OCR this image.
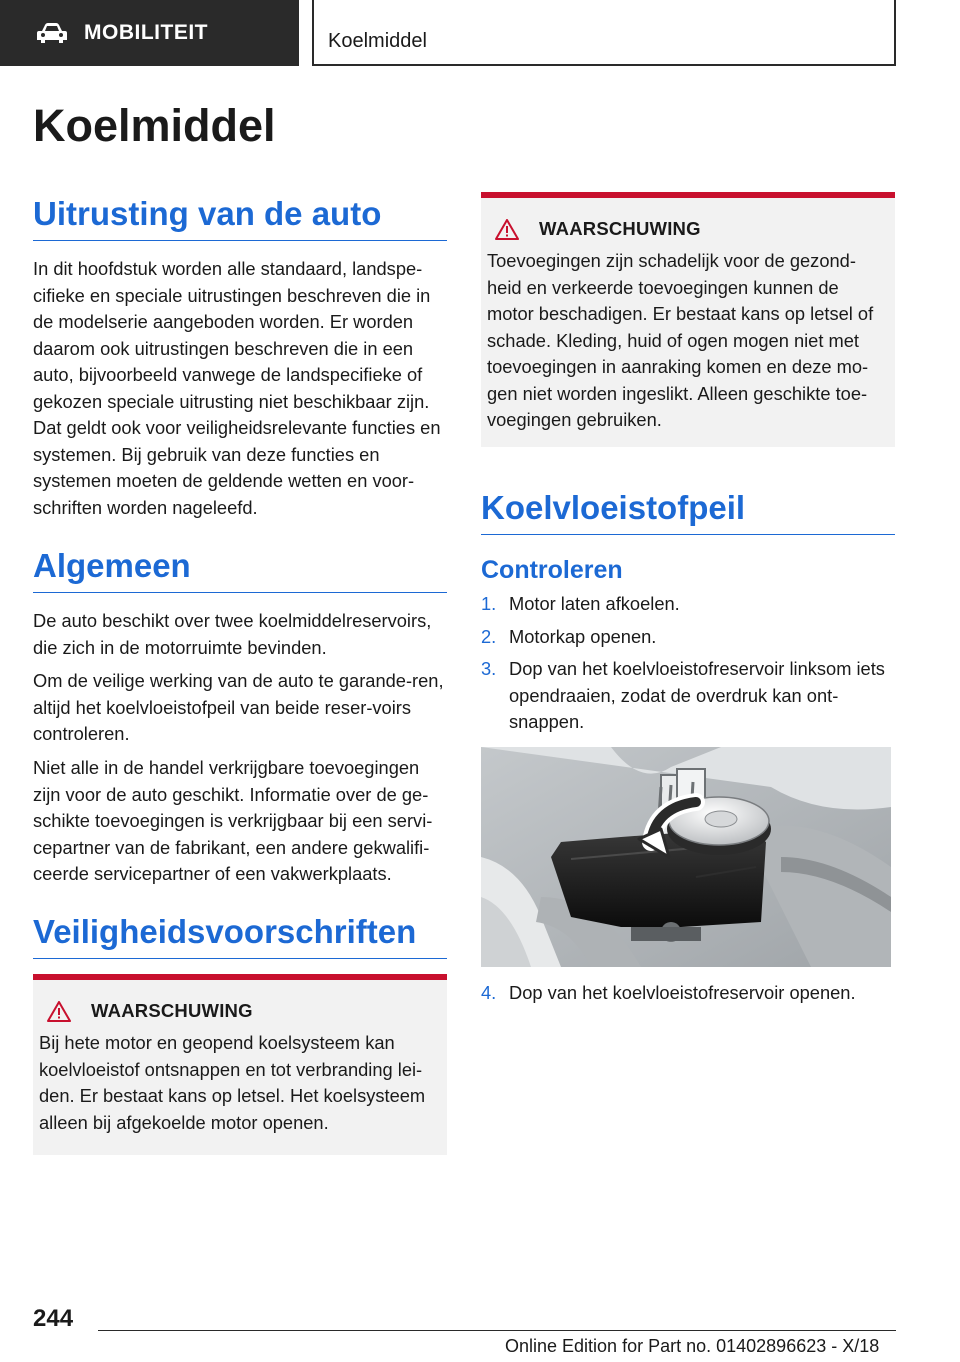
MOBILITEIT	Koelmiddel
Koelmiddel
Uitrusting van de auto

In dit hoofdstuk worden alle standaard, landspe-cifieke en speciale uitrustingen beschreven die in de modelserie aangeboden worden. Er worden daarom ook uitrustingen beschreven die in een auto, bijvoorbeeld vanwege de landspecifieke of gekozen speciale uitrusting niet beschikbaar zijn. Dat geldt ook voor veiligheidsrelevante functies en systemen. Bij gebruik van deze functies en systemen moeten de geldende wetten en voor-schriften worden nageleefd.

Algemeen

De auto beschikt over twee koelmiddelreservoirs, die zich in de motorruimte bevinden.

Om de veilige werking van de auto te garande-ren, altijd het koelvloeistofpeil van beide reser-voirs controleren.

Niet alle in de handel verkrijgbare toevoegingen zijn voor de auto geschikt. Informatie over de ge-schikte toevoegingen is verkrijgbaar bij een servi-cepartner van de fabrikant, een andere gekwalifi-ceerde servicepartner of een vakwerkplaats.

Veiligheidsvoorschriften
WAARSCHUWING
Bij hete motor en geopend koelsysteem kan koelvloeistof ontsnappen en tot verbranding lei-den. Er bestaat kans op letsel. Het koelsysteem alleen bij afgekoelde motor openen.
WAARSCHUWING
Toevoegingen zijn schadelijk voor de gezond-heid en verkeerde toevoegingen kunnen de motor beschadigen. Er bestaat kans op letsel of schade. Kleding, huid of ogen mogen niet met toevoegingen in aanraking komen en deze mo-gen niet worden ingeslikt. Alleen geschikte toe-voegingen gebruiken.
Koelvloeistofpeil
Controleren
1. Motor laten afkoelen.
2. Motorkap openen.
3. Dop van het koelvloeistofreservoir linksom iets opendraaien, zodat de overdruk kan ont-snappen.
4. Dop van het koelvloeistofreservoir openen.
244
Online Edition for Part no. 01402896623 - X/18
